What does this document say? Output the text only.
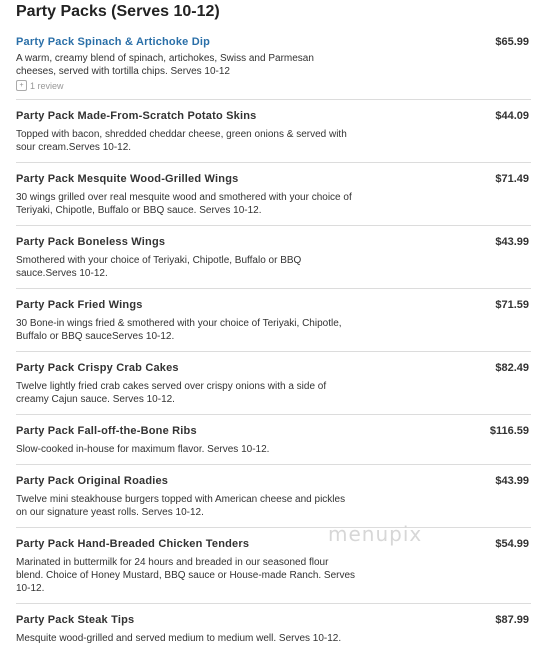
Party Packs (Serves 10-12)
Party Pack Spinach & Artichoke Dip	$65.99
A warm, creamy blend of spinach, artichokes, Swiss and Parmesan cheeses, served with tortilla chips. Serves 10-12
+ 1 review
Party Pack Made-From-Scratch Potato Skins	$44.09
Topped with bacon, shredded cheddar cheese, green onions & served with sour cream.Serves 10-12.
Party Pack Mesquite Wood-Grilled Wings	$71.49
30 wings grilled over real mesquite wood and smothered with your choice of Teriyaki, Chipotle, Buffalo or BBQ sauce. Serves 10-12.
Party Pack Boneless Wings	$43.99
Smothered with your choice of Teriyaki, Chipotle, Buffalo or BBQ sauce.Serves 10-12.
Party Pack Fried Wings	$71.59
30 Bone-in wings fried & smothered with your choice of Teriyaki, Chipotle, Buffalo or BBQ sauceServes 10-12.
Party Pack Crispy Crab Cakes	$82.49
Twelve lightly fried crab cakes served over crispy onions with a side of creamy Cajun sauce. Serves 10-12.
Party Pack Fall-off-the-Bone Ribs	$116.59
Slow-cooked in-house for maximum flavor. Serves 10-12.
Party Pack Original Roadies	$43.99
Twelve mini steakhouse burgers topped with American cheese and pickles on our signature yeast rolls. Serves 10-12.
Party Pack Hand-Breaded Chicken Tenders	$54.99
Marinated in buttermilk for 24 hours and breaded in our seasoned flour blend. Choice of Honey Mustard, BBQ sauce or House-made Ranch. Serves 10-12.
Party Pack Steak Tips	$87.99
Mesquite wood-grilled and served medium to medium well. Serves 10-12.
menupix
